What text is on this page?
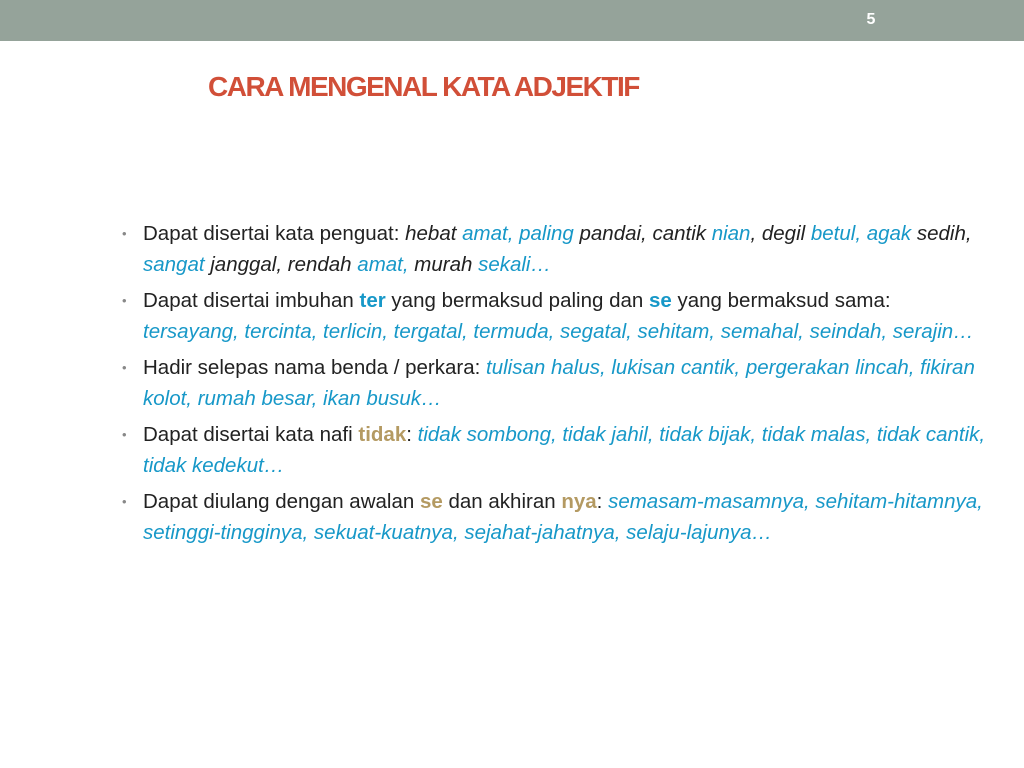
5
CARA MENGENAL KATA ADJEKTIF
• Dapat disertai kata penguat: hebat amat, paling pandai, cantik nian, degil betul, agak sedih, sangat janggal, rendah amat, murah sekali…
• Dapat disertai imbuhan ter yang bermaksud paling dan se yang bermaksud sama:tersayang, tercinta, terlicin, tergatal, termuda, segatal, sehitam, semahal, seindah, serajin…
• Hadir selepas nama benda / perkara: tulisan halus, lukisan cantik, pergerakan lincah, fikiran kolot, rumah besar, ikan busuk…
• Dapat disertai kata nafi tidak: tidak sombong, tidak jahil, tidak bijak, tidak malas, tidak cantik, tidak kedekut…
• Dapat diulang dengan awalan se dan akhiran nya: semasam-masamnya, sehitam-hitamnya, setinggi-tingginya, sekuat-kuatnya, sejahat-jahatnya, selaju-lajunya…
